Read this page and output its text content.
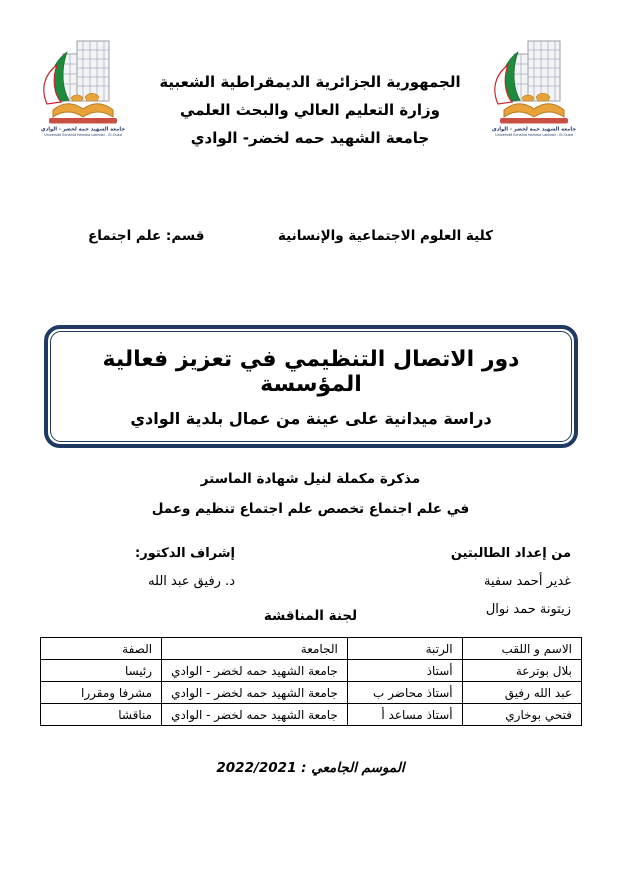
جامعة الشهيد حمه لخضر - الوادي
Université Echahid Hamma Lakhdar - El-Oued
جامعة الشهيد حمه لخضر - الوادي
Université Echahid Hamma Lakhdar - El-Oued
الجمهورية الجزائرية الديمقراطية الشعبية
وزارة التعليم العالي والبحث العلمي
جامعة الشهيد حمه لخضر- الوادي
كلية العلوم الاجتماعية والإنسانية
قسم: علم اجتماع
دور الاتصال التنظيمي في تعزيز فعالية المؤسسة
دراسة ميدانية على عينة من عمال بلدية الوادي
مذكرة مكملة لنيل شهادة الماستر
في علم اجتماع تخصص علم اجتماع تنظيم وعمل
من إعداد الطالبتين
غدير أحمد سفية
زيتونة حمد نوال
إشراف الدكتور:
د. رفيق عبد الله
لجنة المناقشة
الاسم و اللقب	الرتبة	الجامعة	الصفة
بلال بوترعة	أستاذ	جامعة الشهيد حمه لخضر - الوادي	رئيسا
عبد الله رفيق	أستاذ محاضر ب	جامعة الشهيد حمه لخضر - الوادي	مشرفا ومقررا
فتحي بوخاري	أستاذ مساعد أ	جامعة الشهيد حمه لخضر - الوادي	مناقشا
الموسم الجامعي : 2022/2021
